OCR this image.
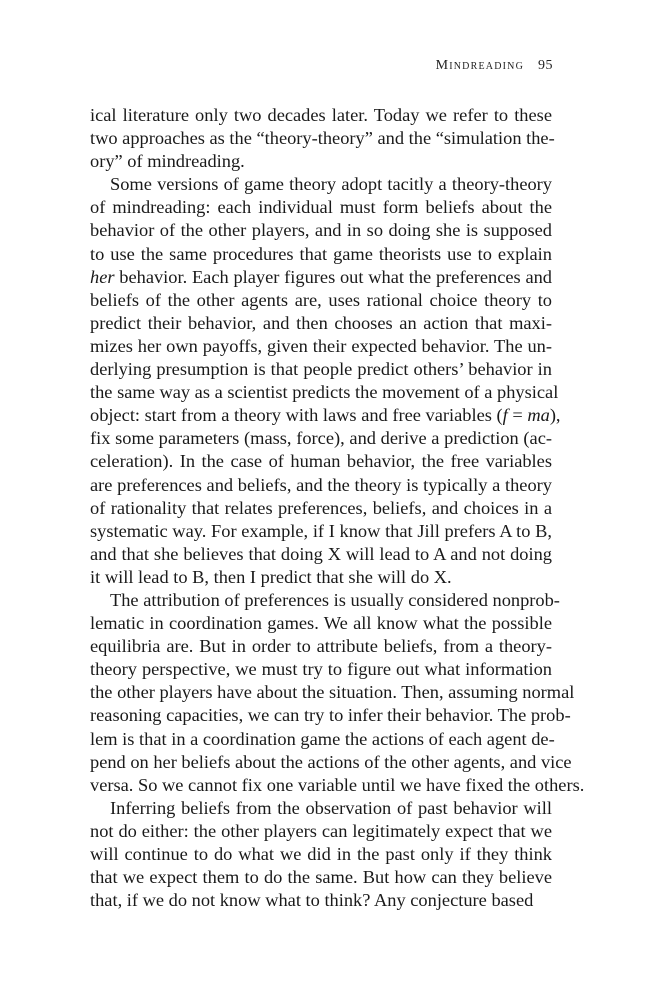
Mindreading 95
ical literature only two decades later. Today we refer to these
two approaches as the “theory-theory” and the “simulation the-
ory” of mindreading.
Some versions of game theory adopt tacitly a theory-theory
of mindreading: each individual must form beliefs about the
behavior of the other players, and in so doing she is supposed
to use the same procedures that game theorists use to explain
her behavior. Each player figures out what the preferences and
beliefs of the other agents are, uses rational choice theory to
predict their behavior, and then chooses an action that maxi-
mizes her own payoffs, given their expected behavior. The un-
derlying presumption is that people predict others’ behavior in
the same way as a scientist predicts the movement of a physical
object: start from a theory with laws and free variables (f = ma),
fix some parameters (mass, force), and derive a prediction (ac-
celeration). In the case of human behavior, the free variables
are preferences and beliefs, and the theory is typically a theory
of rationality that relates preferences, beliefs, and choices in a
systematic way. For example, if I know that Jill prefers A to B,
and that she believes that doing X will lead to A and not doing
it will lead to B, then I predict that she will do X.
The attribution of preferences is usually considered nonprob-
lematic in coordination games. We all know what the possible
equilibria are. But in order to attribute beliefs, from a theory-
theory perspective, we must try to figure out what information
the other players have about the situation. Then, assuming normal
reasoning capacities, we can try to infer their behavior. The prob-
lem is that in a coordination game the actions of each agent de-
pend on her beliefs about the actions of the other agents, and vice
versa. So we cannot fix one variable until we have fixed the others.
Inferring beliefs from the observation of past behavior will
not do either: the other players can legitimately expect that we
will continue to do what we did in the past only if they think
that we expect them to do the same. But how can they believe
that, if we do not know what to think? Any conjecture based
